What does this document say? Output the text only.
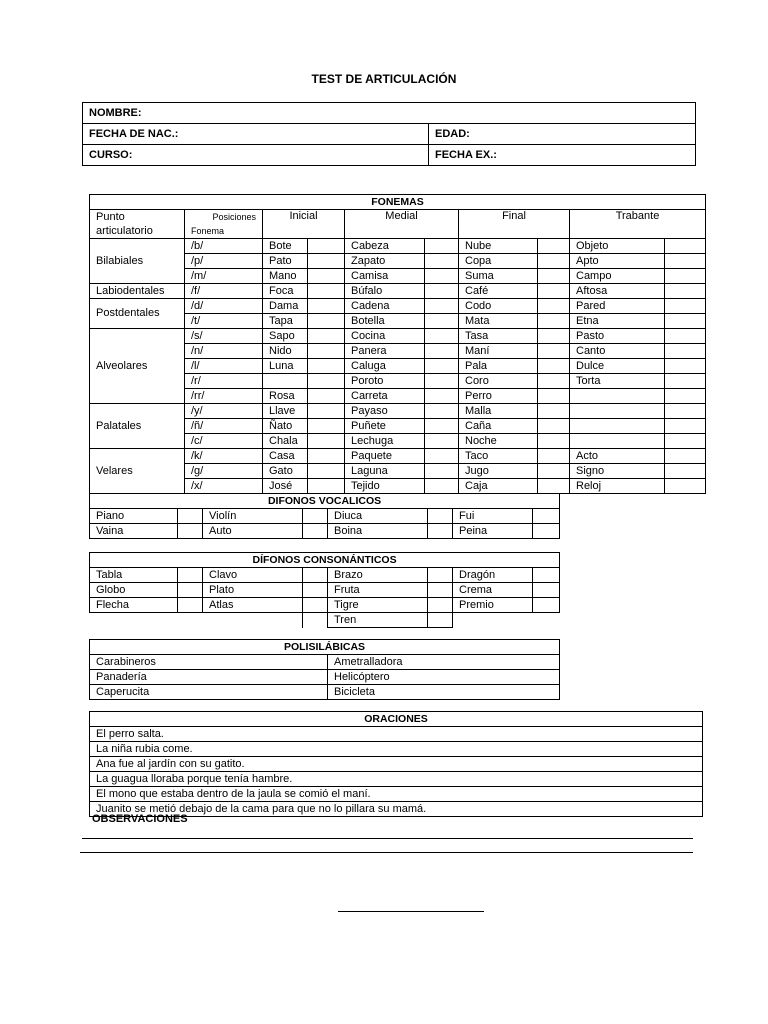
TEST DE ARTICULACIÓN
NOMBRE:	
FECHA DE NAC.:	EDAD:
CURSO:	FECHA EX.:
FONEMAS									
Punto articulatorio	Posiciones	Inicial		Medial		Final		Trabante	
	Fonema								
Bilabiales	/b/	Bote		Cabeza		Nube		Objeto	
	/p/	Pato		Zapato		Copa		Apto	
	/m/	Mano		Camisa		Suma		Campo	
Labiodentales	/f/	Foca		Búfalo		Café		Aftosa	
Postdentales	/d/	Dama		Cadena		Codo		Pared	
	/t/	Tapa		Botella		Mata		Etna	
Alveolares	/s/	Sapo		Cocina		Tasa		Pasto	
	/n/	Nido		Panera		Maní		Canto	
	/l/	Luna		Caluga		Pala		Dulce	
	/r/			Poroto		Coro		Torta	
	/rr/	Rosa		Carreta		Perro			
Palatales	/y/	Llave		Payaso		Malla			
	/ñ/	Ñato		Puñete		Caña			
	/c/	Chala		Lechuga		Noche			
Velares	/k/	Casa		Paquete		Taco		Acto	
	/g/	Gato		Laguna		Jugo		Signo	
	/x/	José		Tejido		Caja		Reloj	
DIFONOS VOCALICOS							
Piano		Violín		Diuca		Fui	
Vaina		Auto		Boina		Peina	
DÍFONOS CONSONÁNTICOS							
Tabla		Clavo		Brazo		Dragón	
Globo		Plato		Fruta		Crema	
Flecha		Atlas		Tigre		Premio	
				Tren			
POLISILÁBICAS	
Carabineros	Ametralladora
Panadería	Helicóptero
Caperucita	Bicicleta
ORACIONES
El perro salta.
La niña rubia come.
Ana fue al jardín con su gatito.
La guagua lloraba porque tenía hambre.
El mono que estaba dentro de la jaula se comió el maní.
Juanito se metió debajo de la cama para que no lo pillara su mamá.
OBSERVACIONES
